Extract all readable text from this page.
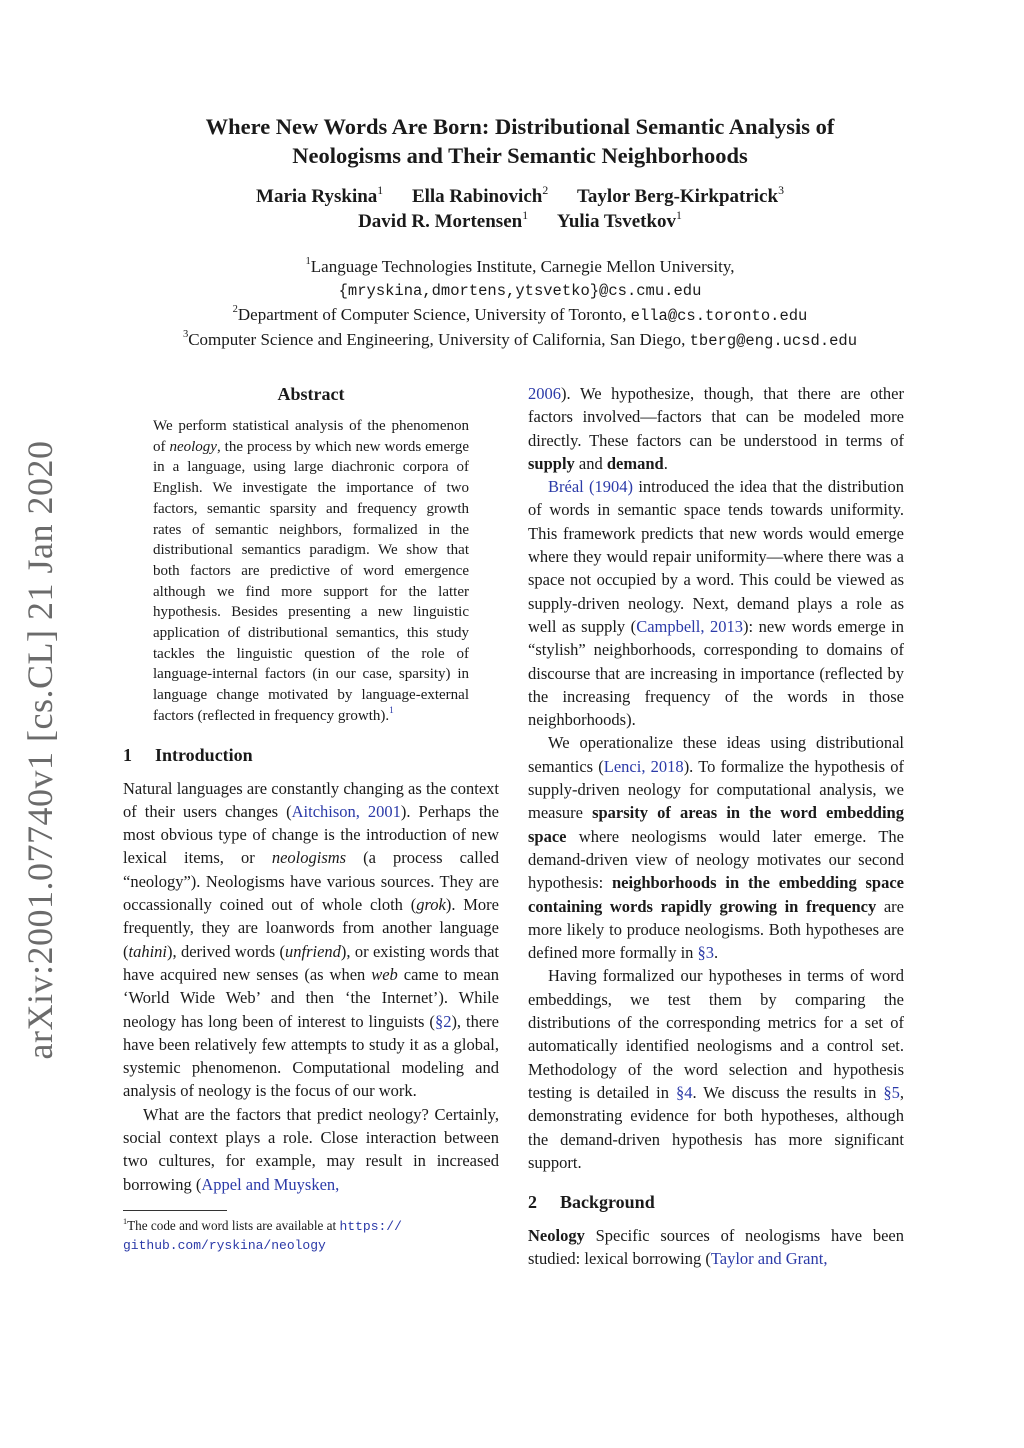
arXiv:2001.07740v1 [cs.CL] 21 Jan 2020
Where New Words Are Born: Distributional Semantic Analysis of
Neologisms and Their Semantic Neighborhoods
Maria Ryskina$^1$ Ella Rabinovich$^2$ Taylor Berg-Kirkpatrick$^3$
David R. Mortensen$^1$ Yulia Tsvetkov$^1$
$^1$Language Technologies Institute, Carnegie Mellon University,
{mryskina,dmortens,ytsvetko}@cs.cmu.edu
$^2$Department of Computer Science, University of Toronto, ella@cs.toronto.edu
$^3$Computer Science and Engineering, University of California, San Diego, tberg@eng.ucsd.edu
Abstract
We perform statistical analysis of the phenomenon of neology, the process by which new words emerge in a language, using large diachronic corpora of English. We investigate the importance of two factors, semantic sparsity and frequency growth rates of semantic neighbors, formalized in the distributional semantics paradigm. We show that both factors are predictive of word emergence although we find more support for the latter hypothesis. Besides presenting a new linguistic application of distributional semantics, this study tackles the linguistic question of the role of language-internal factors (in our case, sparsity) in language change motivated by language-external factors (reflected in frequency growth).$^1$
1 Introduction

Natural languages are constantly changing as the context of their users changes (Aitchison, 2001). Perhaps the most obvious type of change is the introduction of new lexical items, or neologisms (a process called “neology”). Neologisms have various sources. They are occassionally coined out of whole cloth (grok). More frequently, they are loanwords from another language (tahini), derived words (unfriend), or existing words that have acquired new senses (as when web came to mean ‘World Wide Web’ and then ‘the Internet’). While neology has long been of interest to linguists (§2), there have been relatively few attempts to study it as a global, systemic phenomenon. Computational modeling and analysis of neology is the focus of our work.

What are the factors that predict neology? Certainly, social context plays a role. Close interaction between two cultures, for example, may result in increased borrowing (Appel and Muysken,

$^1$The code and word lists are available at https://
github.com/ryskina/neology

2006). We hypothesize, though, that there are other factors involved—factors that can be modeled more directly. These factors can be understood in terms of supply and demand.

Bréal (1904) introduced the idea that the distribution of words in semantic space tends towards uniformity. This framework predicts that new words would emerge where they would repair uniformity—where there was a space not occupied by a word. This could be viewed as supply-driven neology. Next, demand plays a role as well as supply (Campbell, 2013): new words emerge in “stylish” neighborhoods, corresponding to domains of discourse that are increasing in importance (reflected by the increasing frequency of the words in those neighborhoods).

We operationalize these ideas using distributional semantics (Lenci, 2018). To formalize the hypothesis of supply-driven neology for computational analysis, we measure sparsity of areas in the word embedding space where neologisms would later emerge. The demand-driven view of neology motivates our second hypothesis: neighborhoods in the embedding space containing words rapidly growing in frequency are more likely to produce neologisms. Both hypotheses are defined more formally in §3.

Having formalized our hypotheses in terms of word embeddings, we test them by comparing the distributions of the corresponding metrics for a set of automatically identified neologisms and a control set. Methodology of the word selection and hypothesis testing is detailed in §4. We discuss the results in §5, demonstrating evidence for both hypotheses, although the demand-driven hypothesis has more significant support.

2 Background

Neology Specific sources of neologisms have been studied: lexical borrowing (Taylor and Grant,
